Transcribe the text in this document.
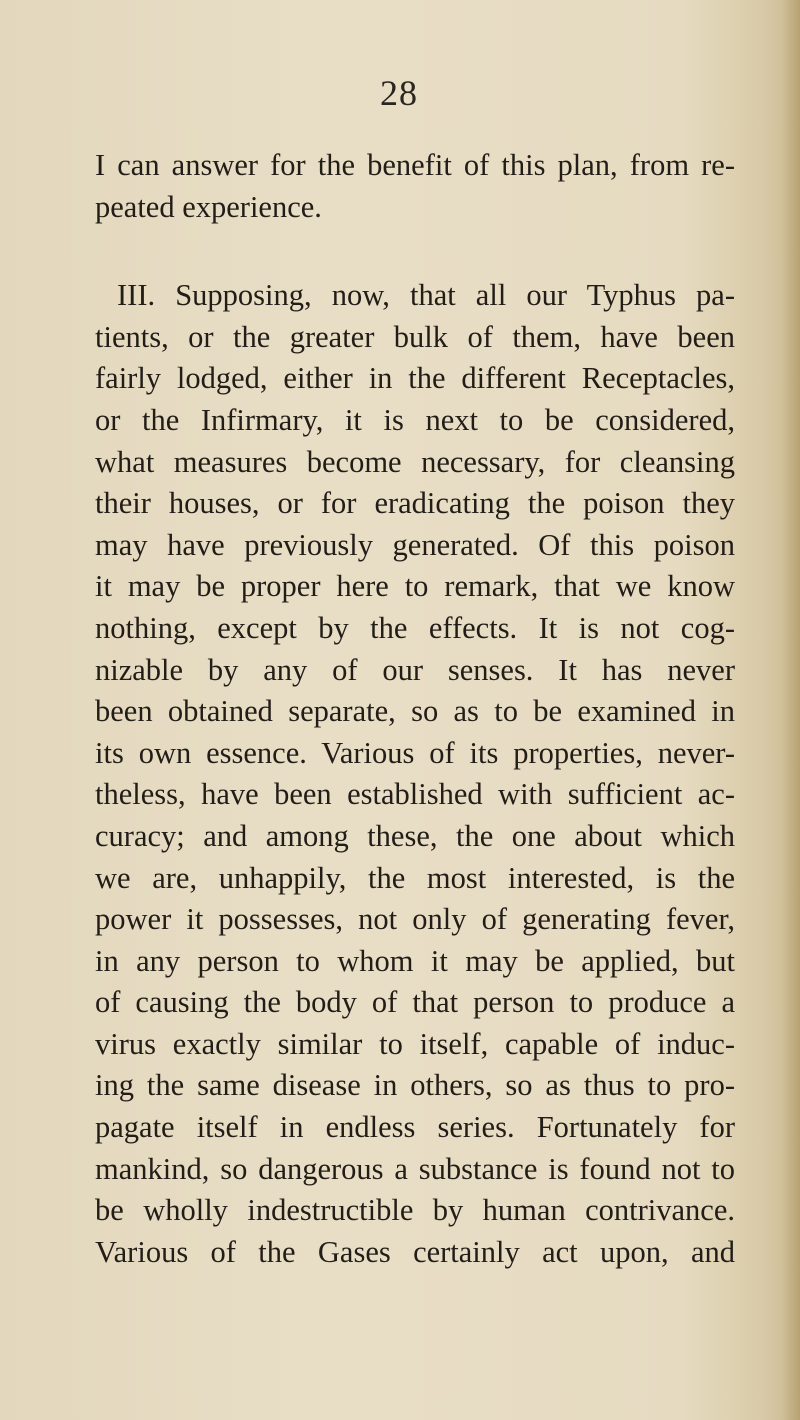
28

I can answer for the benefit of this plan, from re-
peated experience.

III. Supposing, now, that all our Typhus pa-
tients, or the greater bulk of them, have been
fairly lodged, either in the different Receptacles,
or the Infirmary, it is next to be considered,
what measures become necessary, for cleansing
their houses, or for eradicating the poison they
may have previously generated. Of this poison
it may be proper here to remark, that we know
nothing, except by the effects. It is not cog-
nizable by any of our senses. It has never
been obtained separate, so as to be examined in
its own essence. Various of its properties, never-
theless, have been established with sufficient ac-
curacy; and among these, the one about which
we are, unhappily, the most interested, is the
power it possesses, not only of generating fever,
in any person to whom it may be applied, but
of causing the body of that person to produce a
virus exactly similar to itself, capable of induc-
ing the same disease in others, so as thus to pro-
pagate itself in endless series. Fortunately for
mankind, so dangerous a substance is found not to
be wholly indestructible by human contrivance.
Various of the Gases certainly act upon, and
